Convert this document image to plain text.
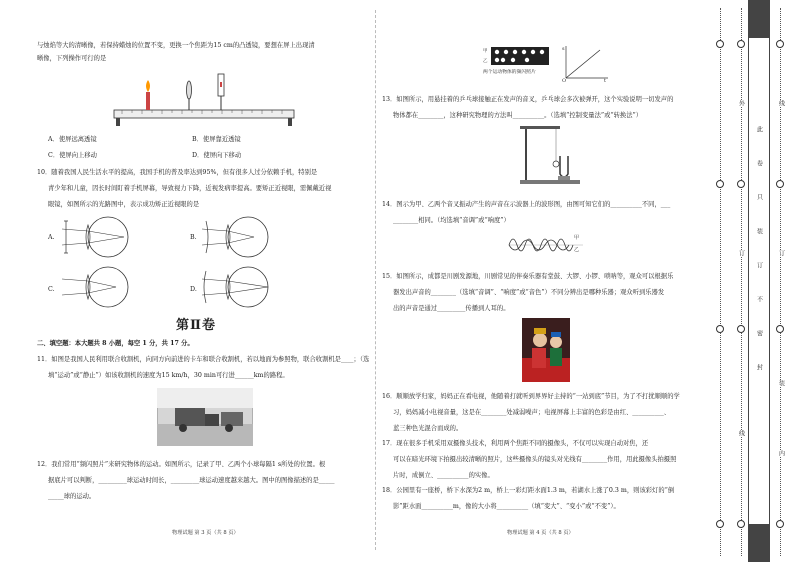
与烛焰等大的清晰像，若保持蜡烛的位置不变，更换一个焦距为15 cm的凸透镜，要想在屏上出现清
晰像，下列操作可行的是
A．使屏远离透镜	B．使屏靠近透镜
C．使屏向上移动	D．使屏向下移动
10．随着我国人民生活水平的提高，我国手机的普及率达到95%，但有很多人过分依赖手机，特别是
青少年和儿童，因长时间盯着手机屏幕，导致视力下降，近视发病率提高。要矫正近视眼，需佩戴近视
眼镜，如图所示的光路图中，表示成功矫正近视眼的是
A.	B.
C.	D.
第Ⅱ卷
二、填空题：本大题共 8 小题，每空 1 分，共 17 分。
11．如图是我国人民利用联合收割机，向同方向前进的卡车和联合收割机，若以地面为参照物，联合收割机是____；（选
填“运动”或“静止”）如该收割机的速度为15 km/h，30 min可行进______km的路程。
12．我们常用“频闪照片”来研究物体的运动。如图所示，记录了甲、乙两个小球每隔1 s所处的位置。根
据底片可以判断，_________球运动时间长，_________球运动速度越来越大。图中的图像描述的是_____
_____球的运动。
物理试题 第 3 页（共 8 页）
甲
乙
两个运动物体的频闪照片
s
t
O
13．如图所示，用悬挂着的乒乓球接触正在发声的音叉，乒乓球会多次被弹开，这个实验说明一切发声的
物体都在________，这种研究物理的方法叫__________。（选填“控制变量法”或“转换法”）
14．图示为甲、乙两个音叉振动产生的声音在示波器上的波形图，由图可知它们的__________不同，___
________相同。（均选填“音调”或“响度”）
甲
乙
15．如图所示，成都是川剧发源地，川剧常见的伴奏乐器有堂鼓、大锣、小锣、唢呐等，观众可以根据乐
器发出声音的________（选填“音调”、“响度”或“音色”）不同分辨出是哪种乐器；观众听到乐器发
出的声音是通过_________传播到人耳的。
16．顺顺放学归家，妈妈正在看电视，他随着打就听到界界好主持的“一站到底”节目，为了不打扰顺顺的学
习，妈妈减小电视音量，这是在________处减弱噪声；电视屏幕上丰富的色彩是由红、__________、
蓝三种色光混合而成的。
17．现在很多手机采用双摄像头技术，利用两个焦距不同的摄像头，不仅可以实现自动对焦，还
可以在暗光环境下拍摄出较清晰的照片，这些摄像头的镜头对光线有________作用，用此摄像头拍摄照
片时，成倒立、__________的实像。
18．公园里有一座桥，桥下水深为2 m，桥上一彩灯距水面1.3 m，若湖水上涨了0.3 m，则该彩灯的“倒
影”距水面__________m，像的大小将__________（填“变大”、“变小”或“不变”）。
物理试题 第 4 页（共 8 页）
外
订
线
此
卷
只
装
订
不
密
封
线
订
装
内
